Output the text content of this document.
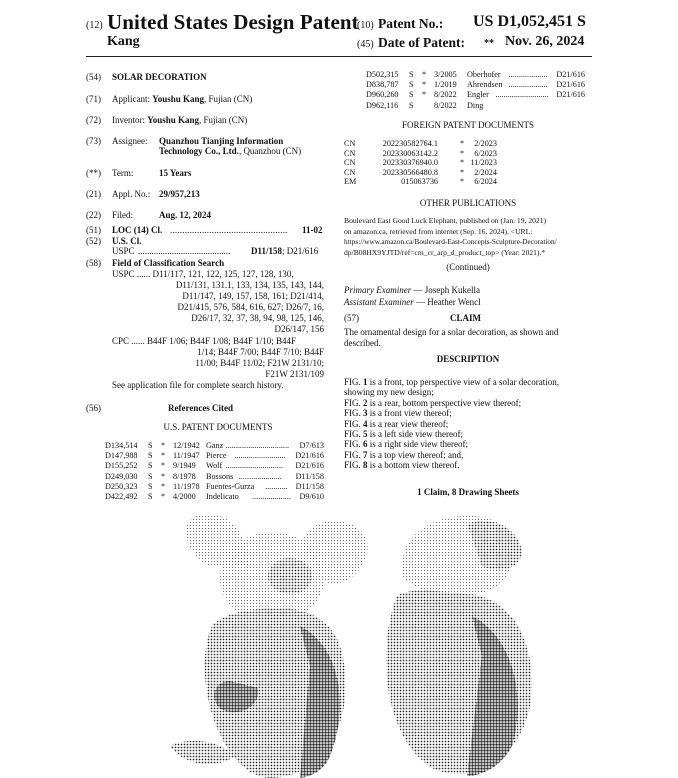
(12) United States Design Patent
Kang
(10) Patent No.: US D1,052,451 S
(45) Date of Patent: ** Nov. 26, 2024
(54) SOLAR DECORATION
(71) Applicant: Youshu Kang, Fujian (CN)
(72) Inventor: Youshu Kang, Fujian (CN)
(73) Assignee: Quanzhou Tianjing Information
Technology Co., Ltd., Quanzhou (CN)
(**) Term:	15 Years
(21) Appl. No.: 29/957,213
(22) Filed:	Aug. 12, 2024
(51) LOC (14) Cl. ................................................ 11-02
(52) U.S. Cl.
USPC ......................................... D11/158; D21/616
(58) Field of Classification Search
USPC ...... D11/117, 121, 122, 125, 127, 128, 130,
D11/131, 131.1, 133, 134, 135, 143, 144,
D11/147, 149, 157, 158, 161; D21/414,
D21/415, 576, 584, 616, 627; D26/7, 16,
D26/17, 32, 37, 38, 94, 98, 125, 146,
D26/147, 156
CPC ...... B44F 1/06; B44F 1/08; B44F 1/10; B44F
1/14; B44F 7/00; B44F 7/10; B44F
11/00; B44F 11/02; F21W 2131/10;
F21W 2131/109
See application file for complete search history.
(56)	References Cited
U.S. PATENT DOCUMENTS
D134,514 S * 12/1942 Ganz ............................... D7/613
D147,988 S * 11/1947 Pierce ......................... D21/616
D155,252 S * 9/1949 Wolf ............................ D21/616
D249,030 S * 8/1978 Bossons ..................... D11/158
D250,323 S * 11/1978 Fuentes-Gurza ........... D11/158
D422,492 S * 4/2000 Indelicato ................... D9/610
D502,315 S * 3/2005 Oberhofer ................... D21/616
D838,787 S * 1/2019 Ahrendsen ................... D21/616
D960,260 S * 8/2022 Engler .......................... D21/616
D962,116 S 8/2022 Ding
FOREIGN PATENT DOCUMENTS
CN	202230582764.1	* 2/2023
CN	202330063142.2	* 6/2023
CN	202330376940.0	* 11/2023
CN	202330566480.8	* 2/2024
EM	015063736	* 6/2024
OTHER PUBLICATIONS
Boulevard East Good Luck Elephant, published on (Jan. 19, 2021)
on amazon.ca, retrieved from internet (Sep. 16, 2024). <URL:
https://www.amazon.ca/Boulevard-East-Concepts-Sculpture-Decoration/
dp/B08HX9YJTD/ref=cm_cr_arp_d_product_top> (Year: 2021).*
(Continued)
Primary Examiner — Joseph Kukella
Assistant Examiner — Heather Wencl
(57)	CLAIM
The ornamental design for a solar decoration, as shown and
described.
DESCRIPTION
FIG. 1 is a front, top perspective view of a solar decoration,
showing my new design;
FIG. 2 is a rear, bottom perspective view thereof;
FIG. 3 is a front view thereof;
FIG. 4 is a rear view thereof;
FIG. 5 is a left side view thereof;
FIG. 6 is a right side view thereof;
FIG. 7 is a top view thereof; and,
FIG. 8 is a bottom view thereof.
1 Claim, 8 Drawing Sheets
